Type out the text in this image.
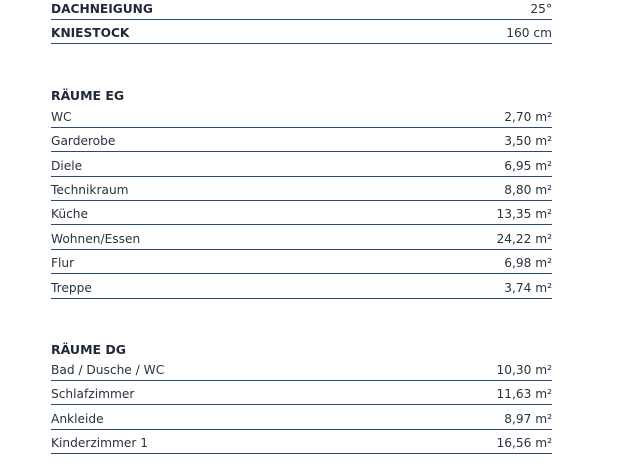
DACHNEIGUNG	25°
KNIESTOCK	160 cm
RÄUME EG
WC	2,70 m²
Garderobe	3,50 m²
Diele	6,95 m²
Technikraum	8,80 m²
Küche	13,35 m²
Wohnen/Essen	24,22 m²
Flur	6,98 m²
Treppe	3,74 m²
RÄUME DG
Bad / Dusche / WC	10,30 m²
Schlafzimmer	11,63 m²
Ankleide	8,97 m²
Kinderzimmer 1	16,56 m²
